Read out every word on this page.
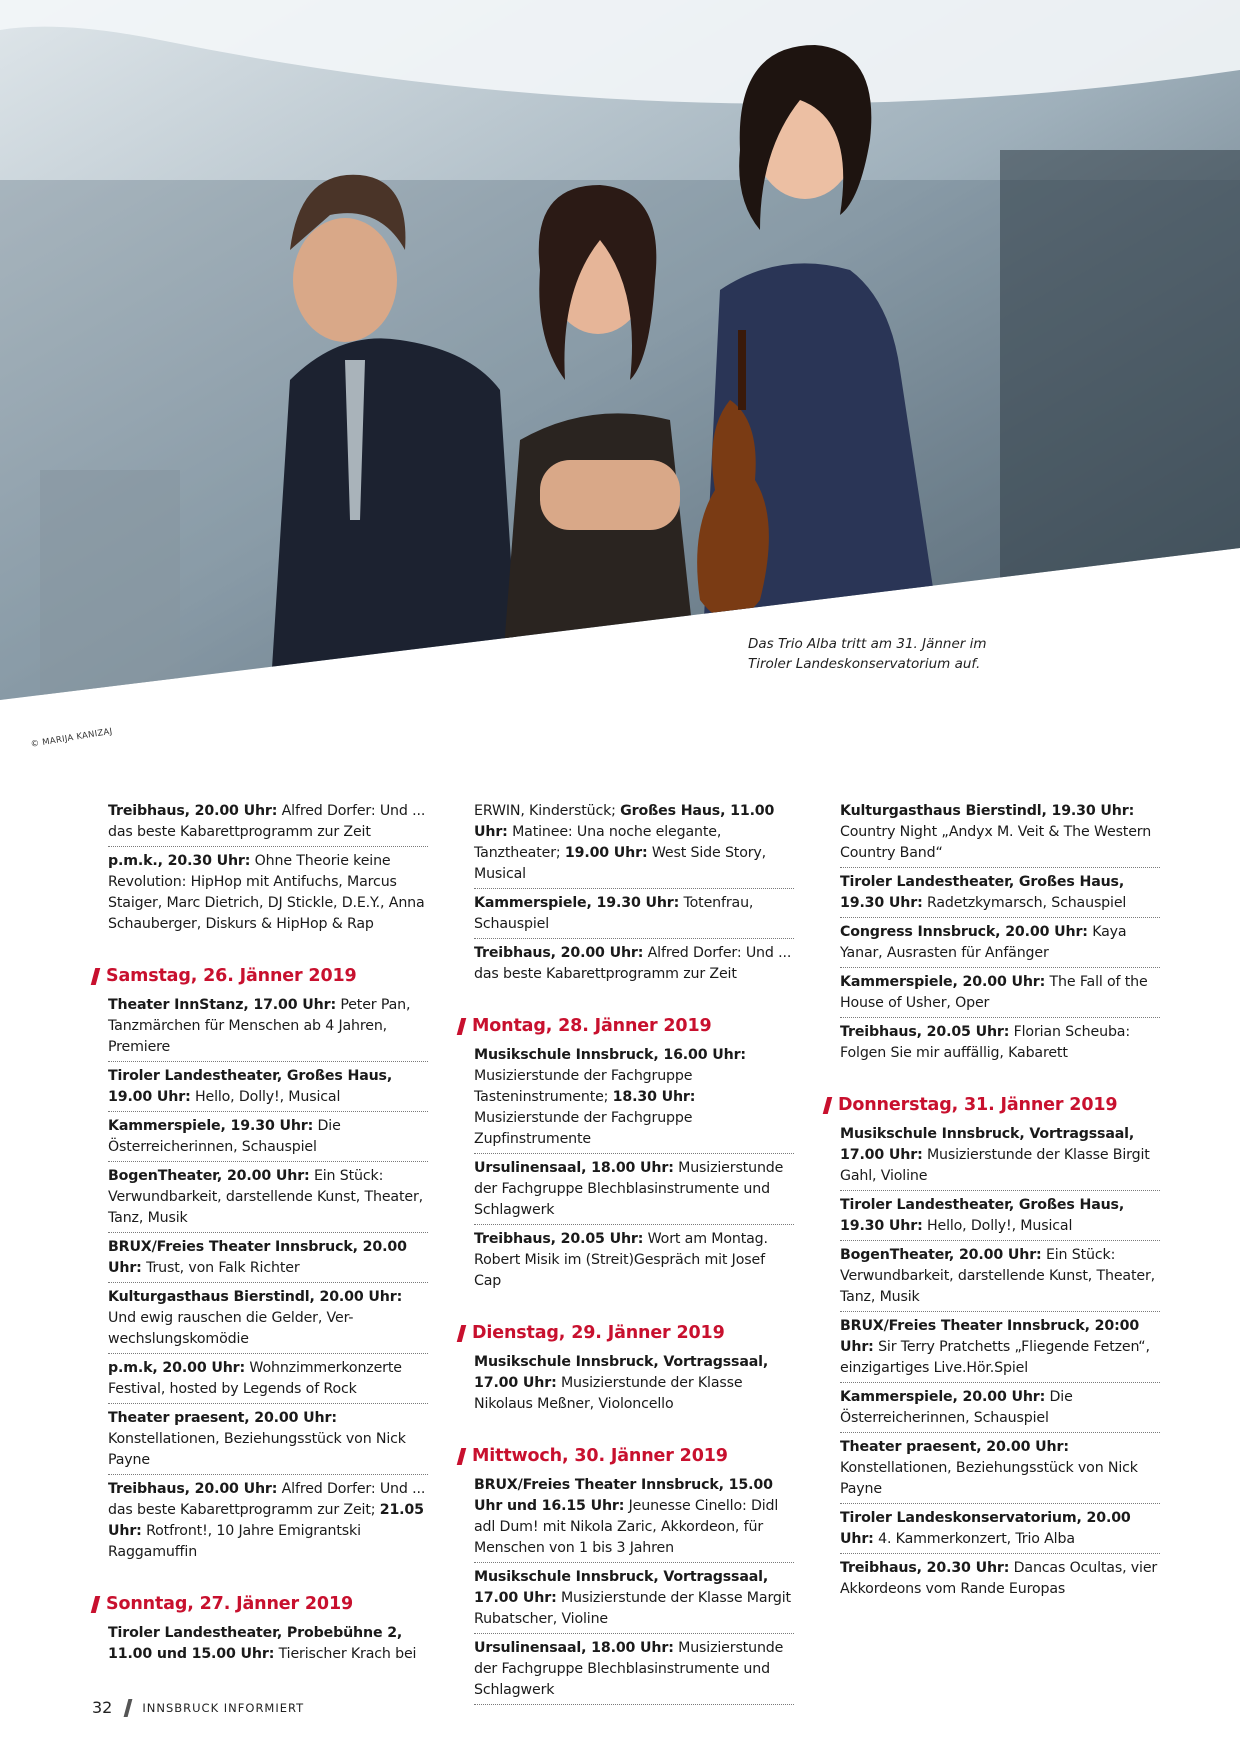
Das Trio Alba tritt am 31. Jänner im Tiroler Landeskonservatorium auf.
© MARIJA KANIZAJ
Treibhaus, 20.00 Uhr: Alfred Dorfer: Und ... das beste Kabarettprogramm zur Zeit
p.m.k., 20.30 Uhr: Ohne Theorie keine Revolution: HipHop mit Antifuchs, Marcus Staiger, Marc Dietrich, DJ Stickle, D.E.Y., Anna Schauberger, Diskurs & HipHop & Rap
Samstag, 26. Jänner 2019
Theater InnStanz, 17.00 Uhr: Peter Pan, Tanzmärchen für Menschen ab 4 Jahren, Premiere
Tiroler Landestheater, Großes Haus, 19.00 Uhr: Hello, Dolly!, Musical
Kammerspiele, 19.30 Uhr: Die Österreicherinnen, Schauspiel
BogenTheater, 20.00 Uhr: Ein Stück: Verwundbarkeit, darstellende Kunst, Theater, Tanz, Musik
BRUX/Freies Theater Innsbruck, 20.00 Uhr: Trust, von Falk Richter
Kulturgasthaus Bierstindl, 20.00 Uhr: Und ewig rauschen die Gelder, Ver-wechslungskomödie
p.m.k, 20.00 Uhr: Wohnzimmerkonzerte Festival, hosted by Legends of Rock
Theater praesent, 20.00 Uhr: Konstellationen, Beziehungsstück von Nick Payne
Treibhaus, 20.00 Uhr: Alfred Dorfer: Und ... das beste Kabarettprogramm zur Zeit; 21.05 Uhr: Rotfront!, 10 Jahre Emigrantski Raggamuffin
Sonntag, 27. Jänner 2019
Tiroler Landestheater, Probebühne 2, 11.00 und 15.00 Uhr: Tierischer Krach bei
ERWIN, Kinderstück; Großes Haus, 11.00 Uhr: Matinee: Una noche elegante, Tanztheater; 19.00 Uhr: West Side Story, Musical
Kammerspiele, 19.30 Uhr: Totenfrau, Schauspiel
Treibhaus, 20.00 Uhr: Alfred Dorfer: Und ... das beste Kabarettprogramm zur Zeit
Montag, 28. Jänner 2019
Musikschule Innsbruck, 16.00 Uhr: Musizierstunde der Fachgruppe Tasteninstrumente; 18.30 Uhr: Musizierstunde der Fachgruppe Zupfinstrumente
Ursulinensaal, 18.00 Uhr: Musizierstunde der Fachgruppe Blechblasinstrumente und Schlagwerk
Treibhaus, 20.05 Uhr: Wort am Montag. Robert Misik im (Streit)Gespräch mit Josef Cap
Dienstag, 29. Jänner 2019
Musikschule Innsbruck, Vortragssaal, 17.00 Uhr: Musizierstunde der Klasse Nikolaus Meßner, Violoncello
Mittwoch, 30. Jänner 2019
BRUX/Freies Theater Innsbruck, 15.00 Uhr und 16.15 Uhr: Jeunesse Cinello: Didl adl Dum! mit Nikola Zaric, Akkordeon, für Menschen von 1 bis 3 Jahren
Musikschule Innsbruck, Vortragssaal, 17.00 Uhr: Musizierstunde der Klasse Margit Rubatscher, Violine
Ursulinensaal, 18.00 Uhr: Musizierstunde der Fachgruppe Blechblasinstrumente und Schlagwerk
Kulturgasthaus Bierstindl, 19.30 Uhr: Country Night „Andyx M. Veit & The Western Country Band“
Tiroler Landestheater, Großes Haus, 19.30 Uhr: Radetzkymarsch, Schauspiel
Congress Innsbruck, 20.00 Uhr: Kaya Yanar, Ausrasten für Anfänger
Kammerspiele, 20.00 Uhr: The Fall of the House of Usher, Oper
Treibhaus, 20.05 Uhr: Florian Scheuba: Folgen Sie mir auffällig, Kabarett
Donnerstag, 31. Jänner 2019
Musikschule Innsbruck, Vortragssaal, 17.00 Uhr: Musizierstunde der Klasse Birgit Gahl, Violine
Tiroler Landestheater, Großes Haus, 19.30 Uhr: Hello, Dolly!, Musical
BogenTheater, 20.00 Uhr: Ein Stück: Verwundbarkeit, darstellende Kunst, Theater, Tanz, Musik
BRUX/Freies Theater Innsbruck, 20:00 Uhr: Sir Terry Pratchetts „Fliegende Fetzen“, einzigartiges Live.Hör.Spiel
Kammerspiele, 20.00 Uhr: Die Österreicherinnen, Schauspiel
Theater praesent, 20.00 Uhr: Konstellationen, Beziehungsstück von Nick Payne
Tiroler Landeskonservatorium, 20.00 Uhr: 4. Kammerkonzert, Trio Alba
Treibhaus, 20.30 Uhr: Dancas Ocultas, vier Akkordeons vom Rande Europas
32	INNSBRUCK INFORMIERT
